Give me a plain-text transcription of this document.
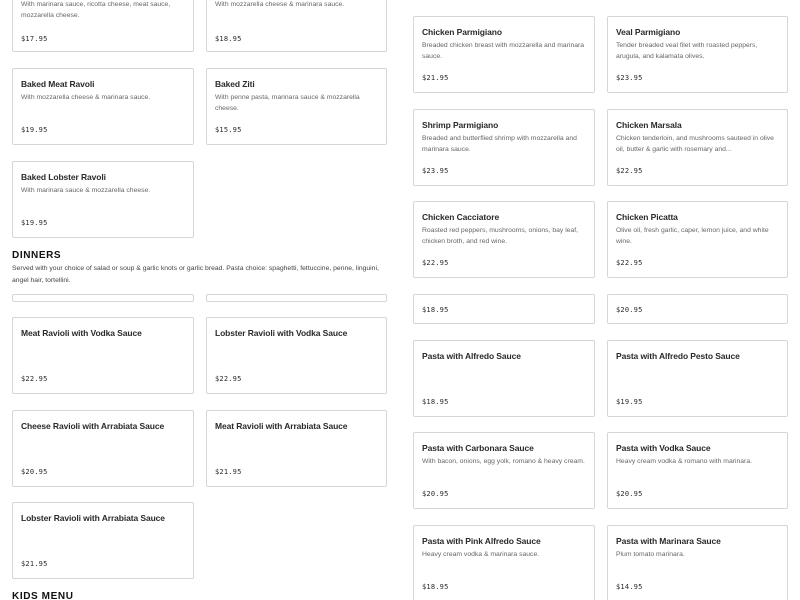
With marinara sauce, ricotta cheese, meat sauce, mozzarella cheese.
$17.95
With mozzarella cheese & marinara sauce.
$18.95
Baked Meat Ravoli
With mozzarella cheese & marinara sauce.
$19.95
Baked Ziti
With penne pasta, marinara sauce & mozzarella cheese.
$15.95
Baked Lobster Ravoli
With marinara sauce & mozzarella cheese.
$19.95
DINNERS
Served with your choice of salad or soup & garlic knots or garlic bread. Pasta choice: spaghetti, fettuccine, penne, linguini, angel hair, tortellini.
Meat Ravioli with Vodka Sauce
$22.95
Lobster Ravioli with Vodka Sauce
$22.95
Cheese Ravioli with Arrabiata Sauce
$20.95
Meat Ravioli with Arrabiata Sauce
$21.95
Lobster Ravioli with Arrabiata Sauce
$21.95
KIDS MENU
Chicken Parmigiano
Breaded chicken breast with mozzarella and marinara sauce.
$21.95
Veal Parmigiano
Tender breaded veal filet with roasted peppers, arugula, and kalamata olives.
$23.95
Shrimp Parmigiano
Breaded and butterflied shrimp with mozzarella and marinara sauce.
$23.95
Chicken Marsala
Chicken tenderloin, and mushrooms sauteed in olive oil, butter & garlic with rosemary and...
$22.95
Chicken Cacciatore
Roasted red peppers, mushrooms, onions, bay leaf, chicken broth, and red wine.
$22.95
Chicken Picatta
Olive oil, fresh garlic, caper, lemon juice, and white wine.
$22.95
$18.95	$20.95
Pasta with Alfredo Sauce
$18.95
Pasta with Alfredo Pesto Sauce
$19.95
Pasta with Carbonara Sauce
With bacon, onions, egg yolk, romano & heavy cream.
$20.95
Pasta with Vodka Sauce
Heavy cream vodka & romano with marinara.
$20.95
Pasta with Pink Alfredo Sauce
Heavy cream vodka & marinara sauce.
$18.95
Pasta with Marinara Sauce
Plum tomato marinara.
$14.95
